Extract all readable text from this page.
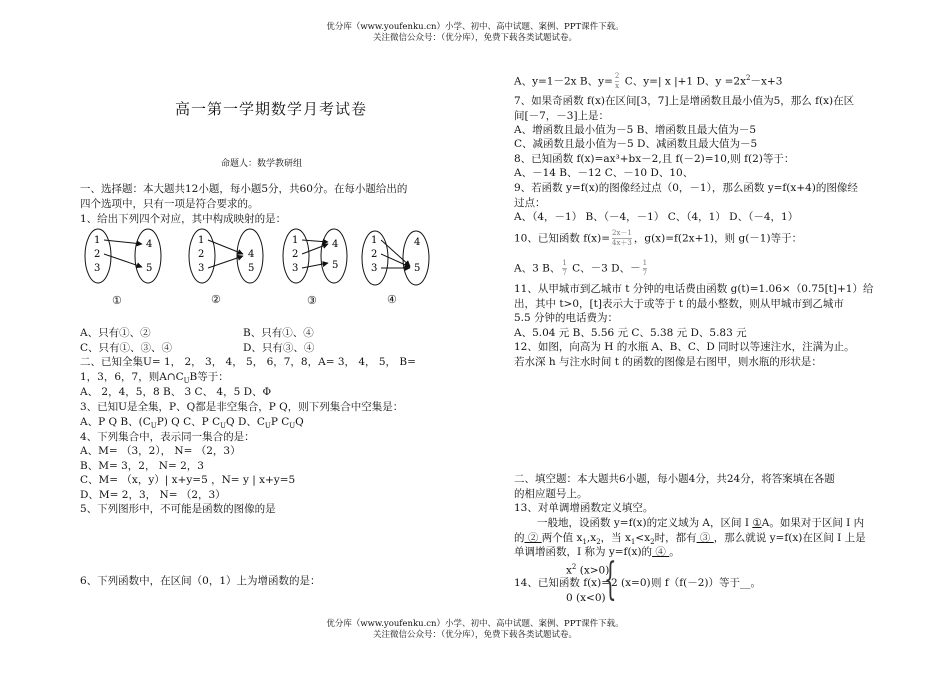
优分库（www.youfenku.cn）小学、初中、高中试题、案例、PPT课件下载。
关注微信公众号：（优分库），免费下载各类试题试卷。
高一第一学期数学月考试卷
命题人：数学教研组
一、选择题：本大题共12小题，每小题5分，共60分。在每小题给出的
四个选项中，只有一项是符合要求的。
1、给出下列四个对应，其中构成映射的是：
1
2
3
4
5
1
2
3
4
5
1
2
3
4
5
1
2
3
4
5
①	②	③	④
A、只有①、②	B、只有①、④
C、只有①、③、④	D、只有③、④
二、已知全集U= 1， 2， 3， 4， 5， 6，7，8，A= 3， 4， 5， B=
1，3，6，7，则$A\cap C_UB$等于：
A、 2，4，5，8 B、 3 C、 4，5 D、Φ
3、已知U是全集，P、Q都是非空集合，P Q，则下列集合中空集是：
A、P Q B、$(C_UP)$ Q C、P $C_UQ$ D、$C_UP$ $C_UQ$
4、下列集合中，表示同一集合的是：
A、M= （3，2）， N= （2，3）
B、M= 3，2， N= 2，3
C、M= （x，y）| x+y=5 ，N= y | x+y=5
D、M= 2，3， N= （2，3）
5、下列图形中，不可能是函数的图像的是
6、下列函数中，在区间（0，1）上为增函数的是：
A、y=1－2x B、$y= \frac{2}{x}$ C、y=| x |+1 D、$y =2x^2-x+3$
7、如果奇函数 f(x)在区间[3，7]上是增函数且最小值为5，那么 f(x)在区
间[－7，－3]上是：
A、增函数且最小值为－5 B、增函数且最大值为－5
C、减函数且最小值为－5 D、减函数且最大值为－5
8、已知函数 f(x)=ax³+bx－2,且 f(－2)=10,则 f(2)等于：
A、－14 B、－12 C、－10 D、10、
9、若函数 y=f(x)的图像经过点（0，－1），那么函数 y=f(x+4)的图像经
过点：
A、（4，－1） B、（－4，－1） C、（4，1） D、（－4，1）
10、已知函数 $f(x)= \frac{2x-1}{4x+3}$ ，g(x)=f(2x+1)，则 g(－1)等于：
A、3 B、 $\frac{1}{7}$ C、－3 D、－ $\frac{1}{7}$
11、从甲城市到乙城市 t 分钟的电话费由函数 g(t)=1.06×（0.75[t]+1）给
出，其中 t>0，[t]表示大于或等于 t 的最小整数，则从甲城市到乙城市
5.5 分钟的电话费为：
A、5.04 元 B、5.56 元 C、5.38 元 D、5.83 元
12、如图，向高为 H 的水瓶 A、B、C、D 同时以等速注水，注满为止。
若水深 h 与注水时间 t 的函数的图像是右图甲，则水瓶的形状是：
二、填空题：本大题共6小题，每小题4分，共24分，将答案填在各题
的相应题号上。
13、对单调增函数定义填空。
一般地，设函数 y=f(x)的定义域为 A，区间 I ①A。如果对于区间 I 内
的 ② 两个值 $x_1,x_2$，当 $x_1<x_2$时，都有 ③ ，那么就说 y=f(x)在区间 I 上是
单调增函数，I 称为 y=f(x)的 ④ 。
$x^2$ (x>0)
14、已知函数 f(x)=
{
2 (x=0) 则 f（f(－2)）等于__。
0 (x<0)
优分库（www.youfenku.cn）小学、初中、高中试题、案例、PPT课件下载。
关注微信公众号：（优分库），免费下载各类试题试卷。
